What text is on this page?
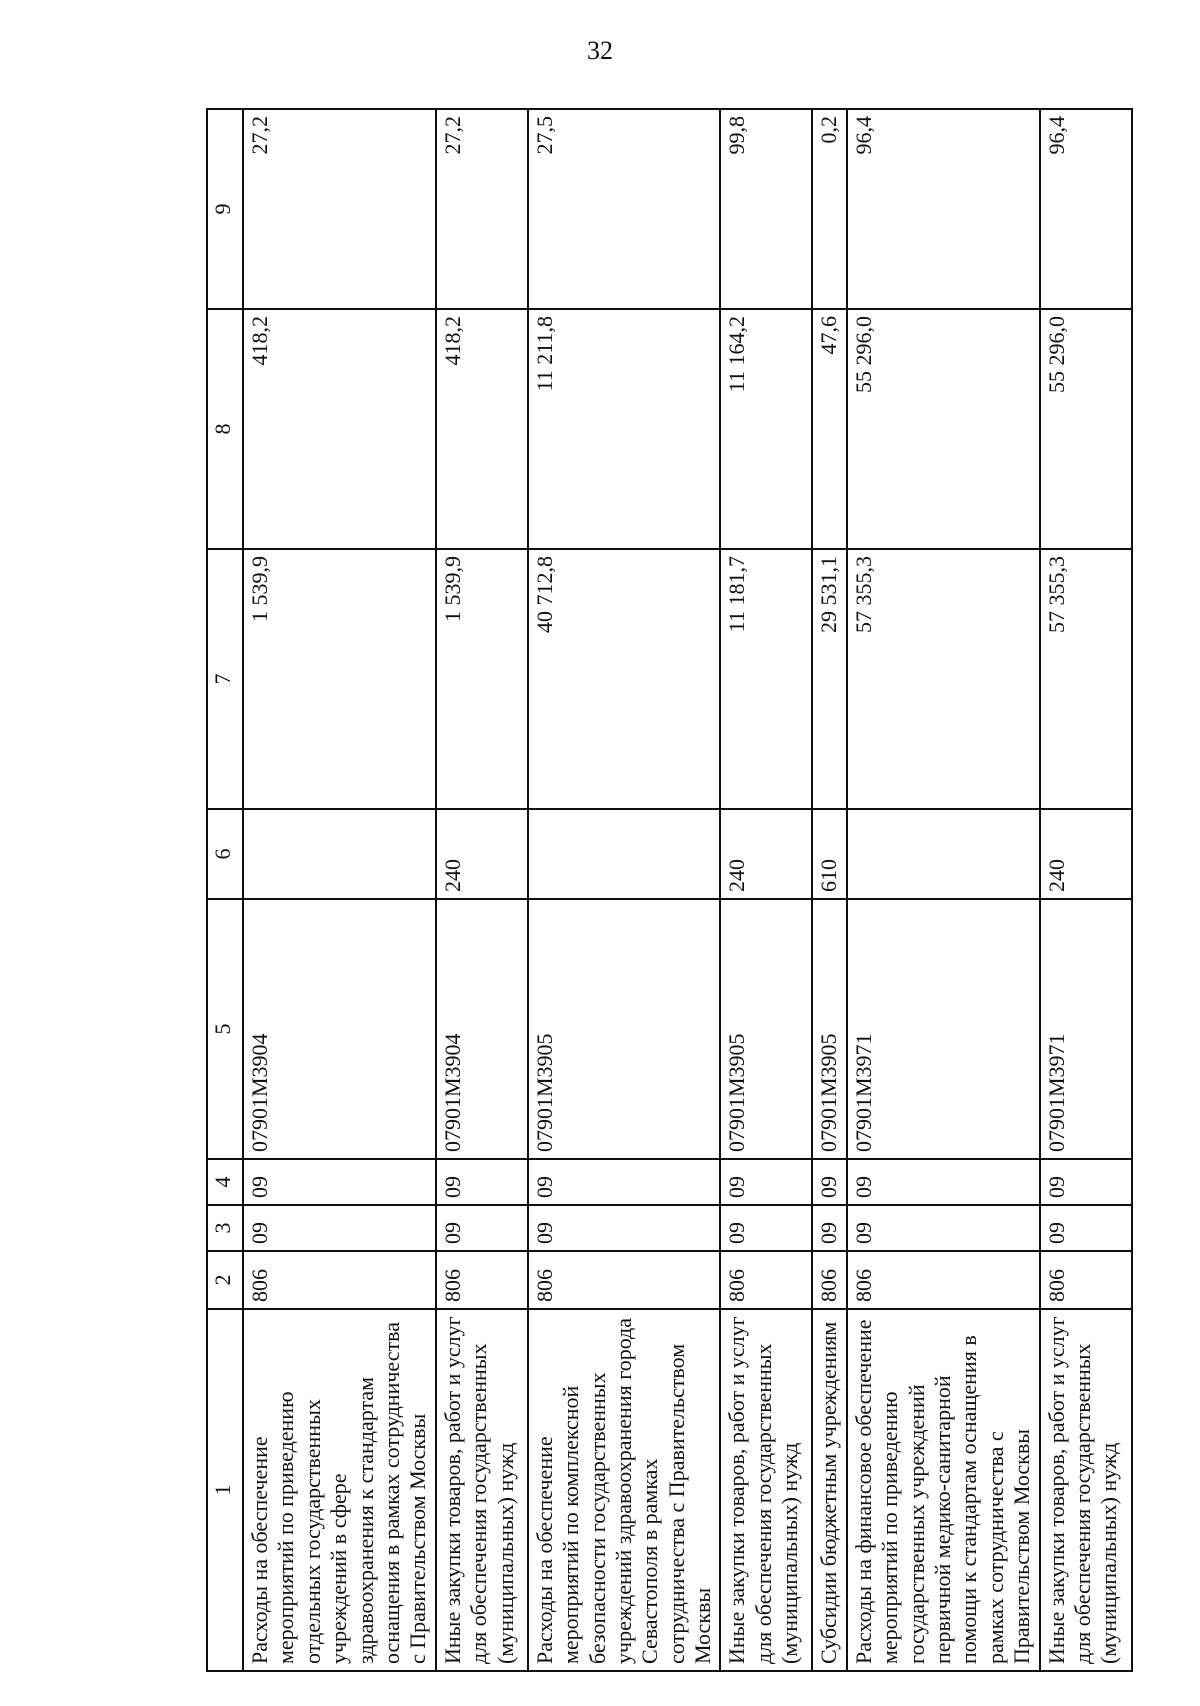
32
1	2	3	4	5	6	7	8	9
Расходы на обеспечение мероприятий по приведению отдельных государственных учреждений в сфере здравоохранения к стандартам оснащения в рамках сотрудничества с Правительством Москвы	806	09	09	07901М3904		1 539,9	418,2	27,2
Иные закупки товаров, работ и услуг для обеспечения государственных (муниципальных) нужд	806	09	09	07901М3904	240	1 539,9	418,2	27,2
Расходы на обеспечение мероприятий по комплексной безопасности государственных учреждений здравоохранения города Севастополя в рамках сотрудничества с Правительством Москвы	806	09	09	07901М3905		40 712,8	11 211,8	27,5
Иные закупки товаров, работ и услуг для обеспечения государственных (муниципальных) нужд	806	09	09	07901М3905	240	11 181,7	11 164,2	99,8
Субсидии бюджетным учреждениям	806	09	09	07901М3905	610	29 531,1	47,6	0,2
Расходы на финансовое обеспечение мероприятий по приведению государственных учреждений первичной медико-санитарной помощи к стандартам оснащения в рамках сотрудничества с Правительством Москвы	806	09	09	07901М3971		57 355,3	55 296,0	96,4
Иные закупки товаров, работ и услуг для обеспечения государственных (муниципальных) нужд	806	09	09	07901М3971	240	57 355,3	55 296,0	96,4
